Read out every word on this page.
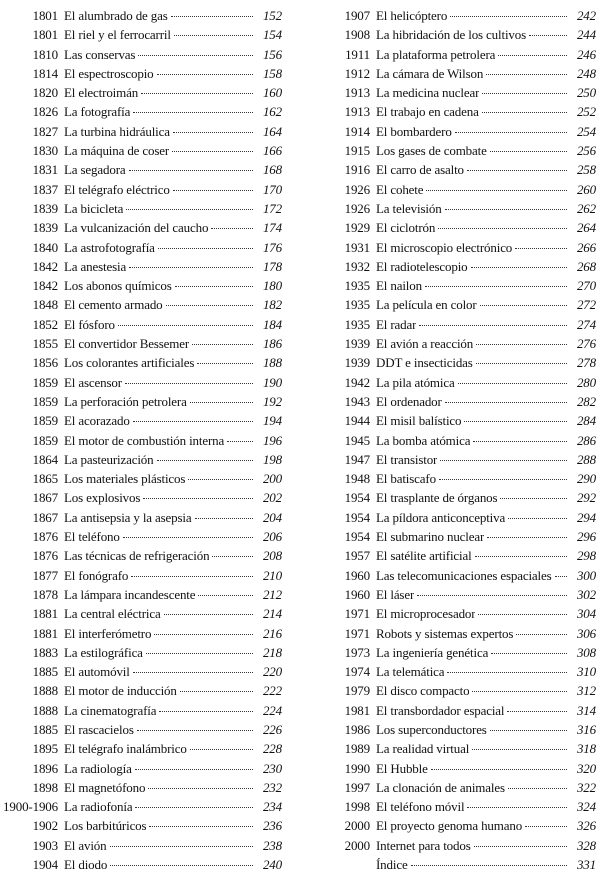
1801 El alumbrado de gas	152
1801 El riel y el ferrocarril	154
1810 Las conservas	156
1814 El espectroscopio	158
1820 El electroimán	160
1826 La fotografía	162
1827 La turbina hidráulica	164
1830 La máquina de coser	166
1831 La segadora	168
1837 El telégrafo eléctrico	170
1839 La bicicleta	172
1839 La vulcanización del caucho	174
1840 La astrofotografía	176
1842 La anestesia	178
1842 Los abonos químicos	180
1848 El cemento armado	182
1852 El fósforo	184
1855 El convertidor Bessemer	186
1856 Los colorantes artificiales	188
1859 El ascensor	190
1859 La perforación petrolera	192
1859 El acorazado	194
1859 El motor de combustión interna	196
1864 La pasteurización	198
1865 Los materiales plásticos	200
1867 Los explosivos	202
1867 La antisepsia y la asepsia	204
1876 El teléfono	206
1876 Las técnicas de refrigeración	208
1877 El fonógrafo	210
1878 La lámpara incandescente	212
1881 La central eléctrica	214
1881 El interferómetro	216
1883 La estilográfica	218
1885 El automóvil	220
1888 El motor de inducción	222
1888 La cinematografía	224
1885 El rascacielos	226
1895 El telégrafo inalámbrico	228
1896 La radiología	230
1898 El magnetófono	232
1900-1906 La radiofonía	234
1902 Los barbitúricos	236
1903 El avión	238
1904 El diodo	240
1907 El helicóptero	242
1908 La hibridación de los cultivos	244
1911 La plataforma petrolera	246
1912 La cámara de Wilson	248
1913 La medicina nuclear	250
1913 El trabajo en cadena	252
1914 El bombardero	254
1915 Los gases de combate	256
1916 El carro de asalto	258
1926 El cohete	260
1926 La televisión	262
1929 El ciclotrón	264
1931 El microscopio electrónico	266
1932 El radiotelescopio	268
1935 El nailon	270
1935 La película en color	272
1935 El radar	274
1939 El avión a reacción	276
1939 DDT e insecticidas	278
1942 La pila atómica	280
1943 El ordenador	282
1944 El misil balístico	284
1945 La bomba atómica	286
1947 El transistor	288
1948 El batiscafo	290
1954 El trasplante de órganos	292
1954 La píldora anticonceptiva	294
1954 El submarino nuclear	296
1957 El satélite artificial	298
1960 Las telecomunicaciones espaciales	300
1960 El láser	302
1971 El microprocesador	304
1971 Robots y sistemas expertos	306
1973 La ingeniería genética	308
1974 La telemática	310
1979 El disco compacto	312
1981 El transbordador espacial	314
1986 Los superconductores	316
1989 La realidad virtual	318
1990 El Hubble	320
1997 La clonación de animales	322
1998 El teléfono móvil	324
2000 El proyecto genoma humano	326
2000 Internet para todos	328
Índice	331
